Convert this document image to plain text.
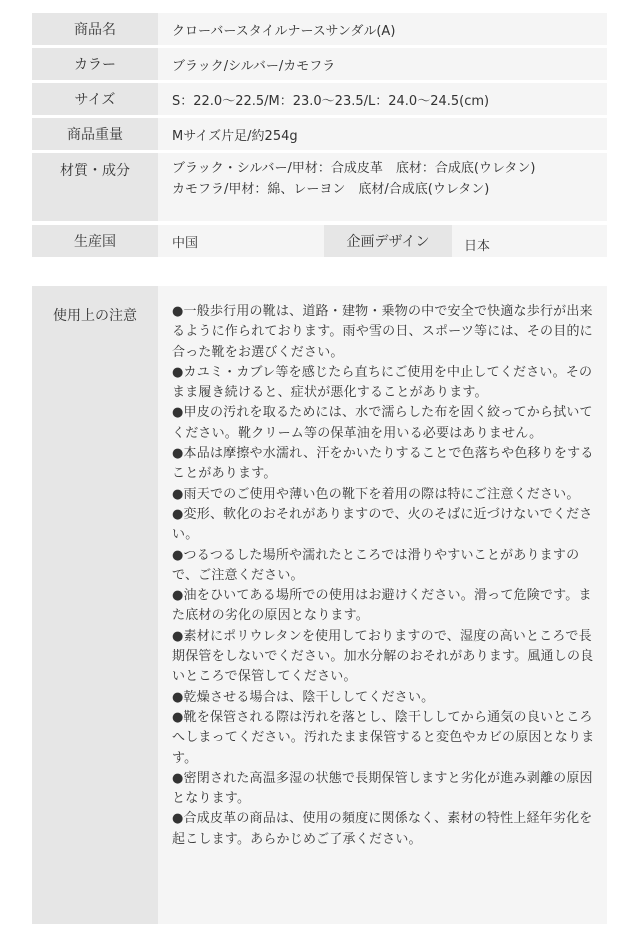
商品名	クローバースタイルナースサンダル(A)
カラー	ブラック/シルバー/カモフラ
サイズ	S：22.0～22.5/M：23.0～23.5/L：24.0～24.5(cm)
商品重量	Mサイズ片足/約254g
材質・成分	ブラック・シルバー/甲材：合成皮革　底材：合成底(ウレタン)
カモフラ/甲材：綿、レーヨン　底材/合成底(ウレタン)
生産国	中国	企画デザイン	日本
使用上の注意	●一般歩行用の靴は、道路・建物・乗物の中で安全で快適な歩行が出来るように作られております。雨や雪の日、スポーツ等には、その目的に合った靴をお選びください。

●カユミ・カブレ等を感じたら直ちにご使用を中止してください。そのまま履き続けると、症状が悪化することがあります。

●甲皮の汚れを取るためには、水で濡らした布を固く絞ってから拭いてください。靴クリーム等の保革油を用いる必要はありません。

●本品は摩擦や水濡れ、汗をかいたりすることで色落ちや色移りをすることがあります。

●雨天でのご使用や薄い色の靴下を着用の際は特にご注意ください。

●変形、軟化のおそれがありますので、火のそばに近づけないでください。

●つるつるした場所や濡れたところでは滑りやすいことがありますので、ご注意ください。

●油をひいてある場所での使用はお避けください。滑って危険です。また底材の劣化の原因となります。

●素材にポリウレタンを使用しておりますので、湿度の高いところで長期保管をしないでください。加水分解のおそれがあります。風通しの良いところで保管してください。

●乾燥させる場合は、陰干ししてください。

●靴を保管される際は汚れを落とし、陰干ししてから通気の良いところへしまってください。汚れたまま保管すると変色やカビの原因となります。

●密閉された高温多湿の状態で長期保管しますと劣化が進み剥離の原因となります。

●合成皮革の商品は、使用の頻度に関係なく、素材の特性上経年劣化を起こします。あらかじめご了承ください。
